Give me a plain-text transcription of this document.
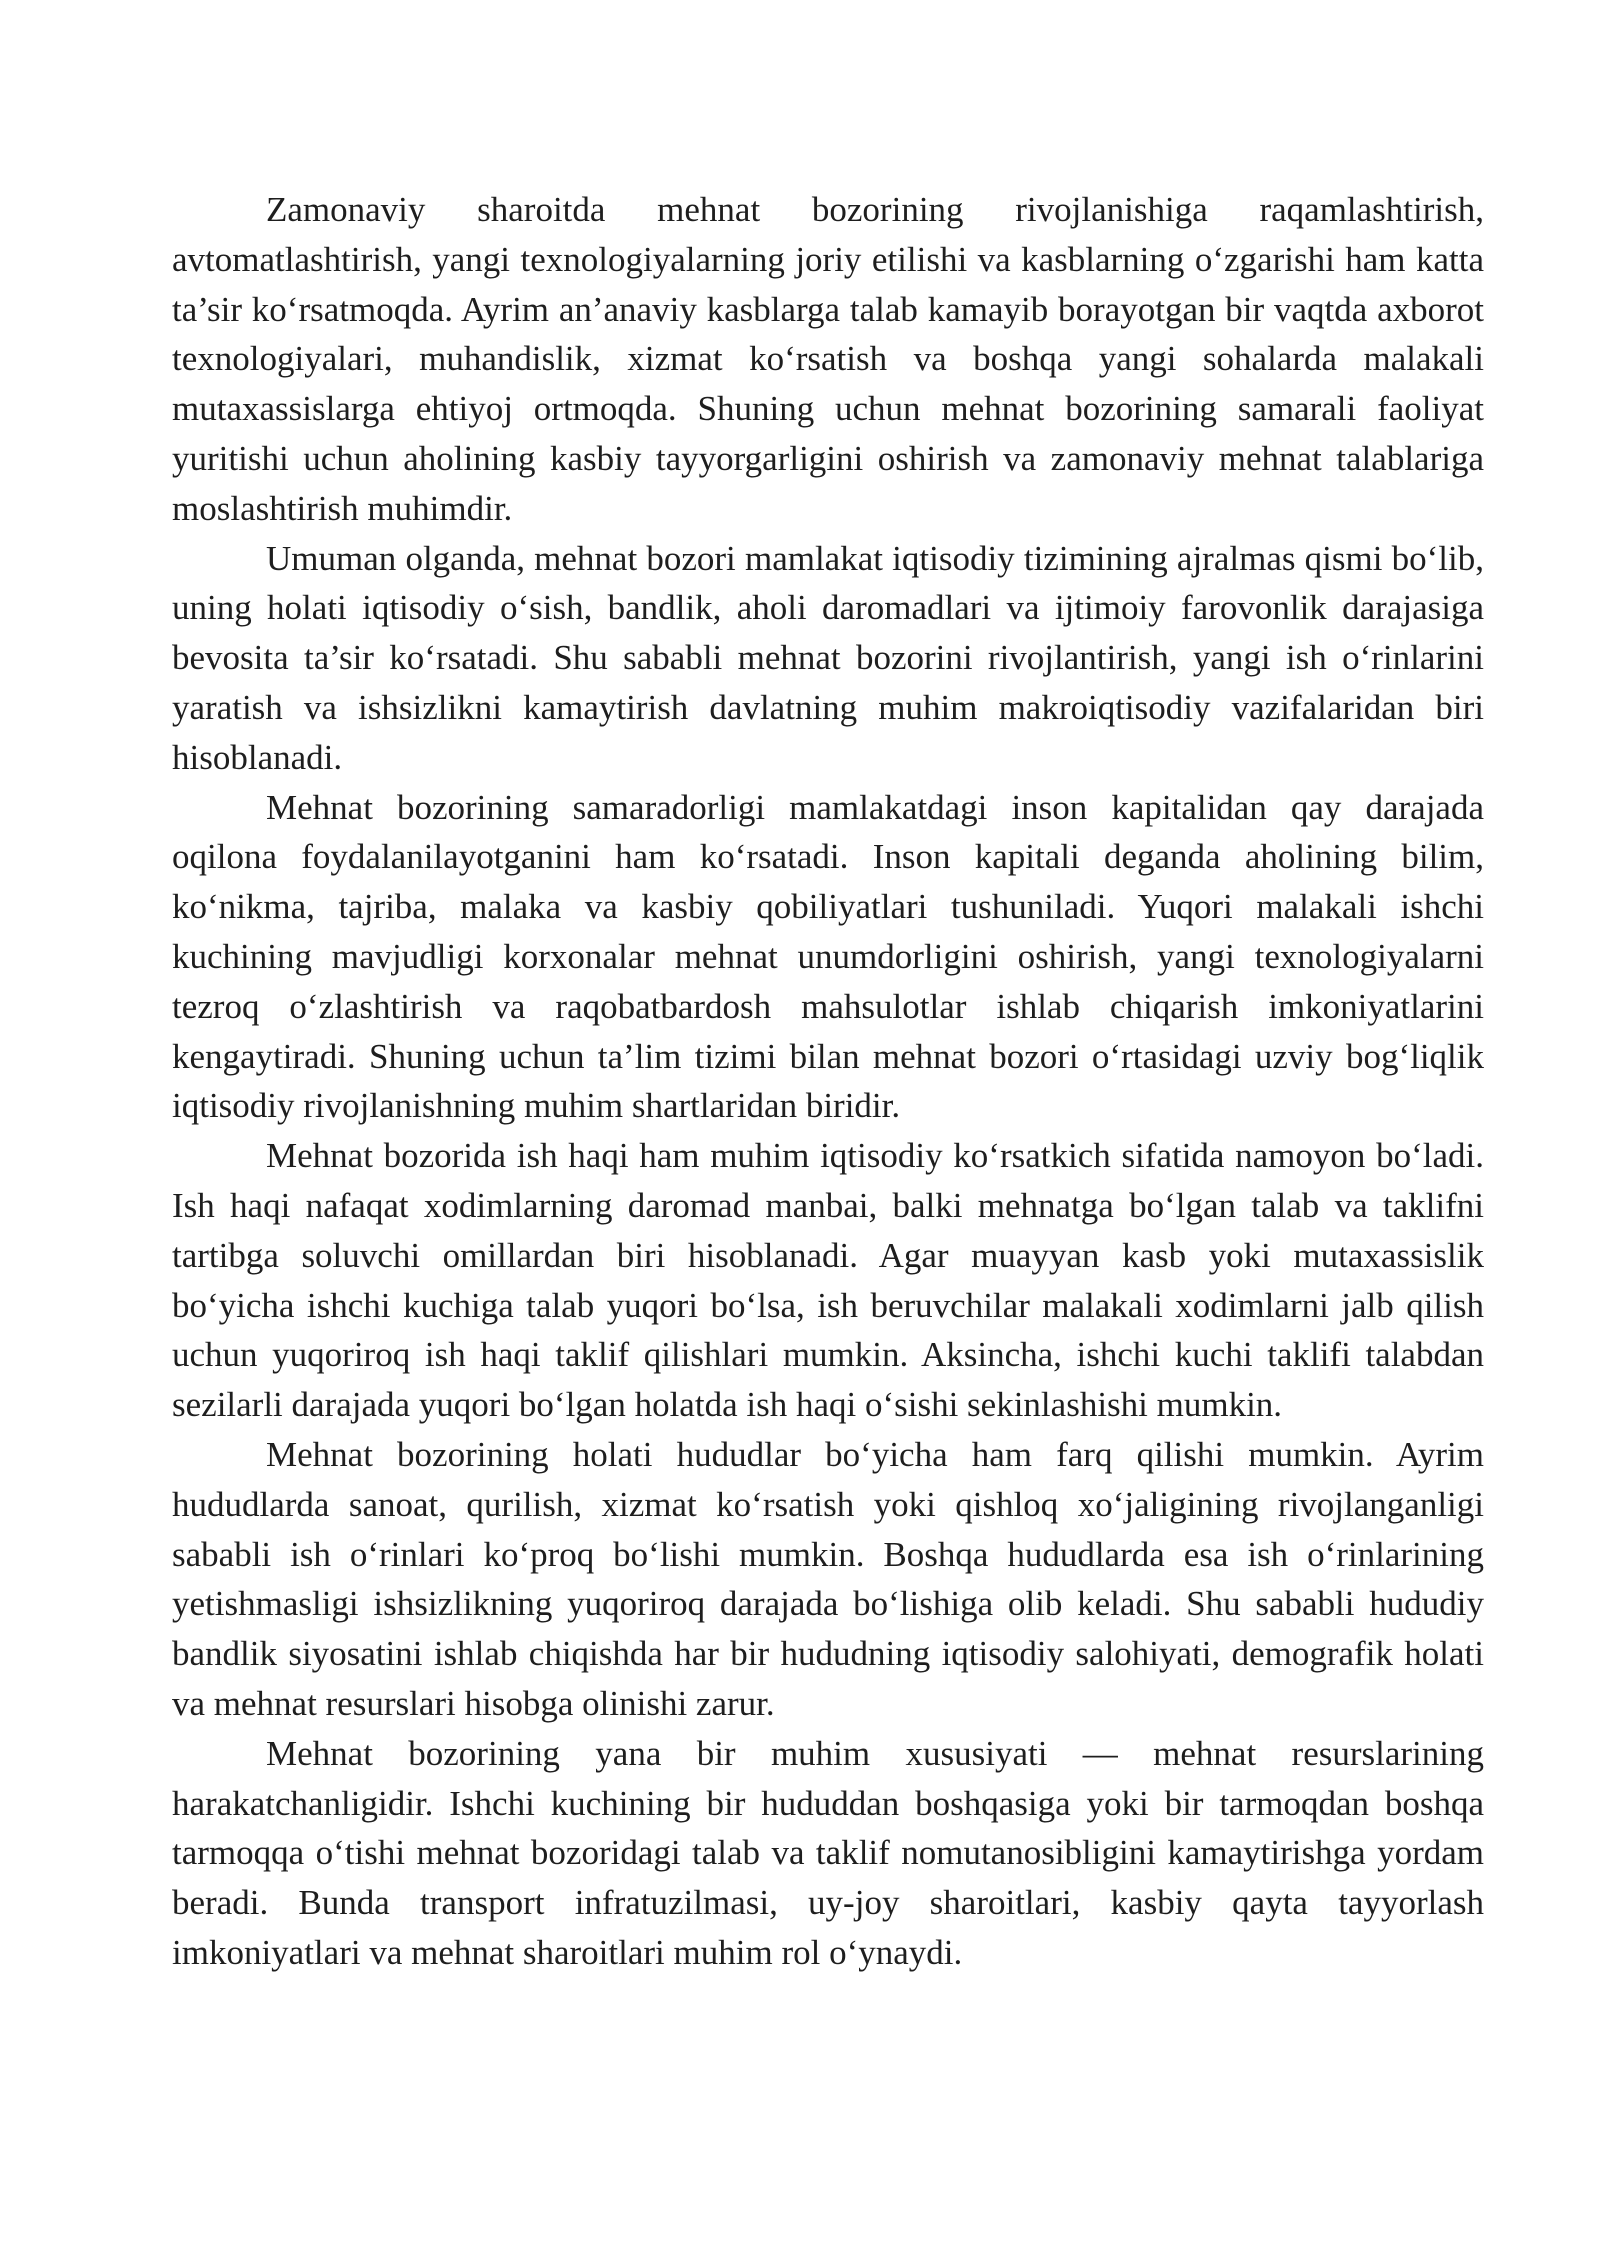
Zamonaviy sharoitda mehnat bozorining rivojlanishiga raqamlashtirish, avtomatlashtirish, yangi texnologiyalarning joriy etilishi va kasblarning o‘zgarishi ham katta ta’sir ko‘rsatmoqda. Ayrim an’anaviy kasblarga talab kamayib borayotgan bir vaqtda axborot texnologiyalari, muhandislik, xizmat ko‘rsatish va boshqa yangi sohalarda malakali mutaxassislarga ehtiyoj ortmoqda. Shuning uchun mehnat bozorining samarali faoliyat yuritishi uchun aholining kasbiy tayyorgarligini oshirish va zamonaviy mehnat talablariga moslashtirish muhimdir.

Umuman olganda, mehnat bozori mamlakat iqtisodiy tizimining ajralmas qismi bo‘lib, uning holati iqtisodiy o‘sish, bandlik, aholi daromadlari va ijtimoiy farovonlik darajasiga bevosita ta’sir ko‘rsatadi. Shu sababli mehnat bozorini rivojlantirish, yangi ish o‘rinlarini yaratish va ishsizlikni kamaytirish davlatning muhim makroiqtisodiy vazifalaridan biri hisoblanadi.

Mehnat bozorining samaradorligi mamlakatdagi inson kapitalidan qay darajada oqilona foydalanilayotganini ham ko‘rsatadi. Inson kapitali deganda aholining bilim, ko‘nikma, tajriba, malaka va kasbiy qobiliyatlari tushuniladi. Yuqori malakali ishchi kuchining mavjudligi korxonalar mehnat unumdorligini oshirish, yangi texnologiyalarni tezroq o‘zlashtirish va raqobatbardosh mahsulotlar ishlab chiqarish imkoniyatlarini kengaytiradi. Shuning uchun ta’lim tizimi bilan mehnat bozori o‘rtasidagi uzviy bog‘liqlik iqtisodiy rivojlanishning muhim shartlaridan biridir.

Mehnat bozorida ish haqi ham muhim iqtisodiy ko‘rsatkich sifatida namoyon bo‘ladi. Ish haqi nafaqat xodimlarning daromad manbai, balki mehnatga bo‘lgan talab va taklifni tartibga soluvchi omillardan biri hisoblanadi. Agar muayyan kasb yoki mutaxassislik bo‘yicha ishchi kuchiga talab yuqori bo‘lsa, ish beruvchilar malakali xodimlarni jalb qilish uchun yuqoriroq ish haqi taklif qilishlari mumkin. Aksincha, ishchi kuchi taklifi talabdan sezilarli darajada yuqori bo‘lgan holatda ish haqi o‘sishi sekinlashishi mumkin.

Mehnat bozorining holati hududlar bo‘yicha ham farq qilishi mumkin. Ayrim hududlarda sanoat, qurilish, xizmat ko‘rsatish yoki qishloq xo‘jaligining rivojlanganligi sababli ish o‘rinlari ko‘proq bo‘lishi mumkin. Boshqa hududlarda esa ish o‘rinlarining yetishmasligi ishsizlikning yuqoriroq darajada bo‘lishiga olib keladi. Shu sababli hududiy bandlik siyosatini ishlab chiqishda har bir hududning iqtisodiy salohiyati, demografik holati va mehnat resurslari hisobga olinishi zarur.

Mehnat bozorining yana bir muhim xususiyati — mehnat resurslarining harakatchanligidir. Ishchi kuchining bir hududdan boshqasiga yoki bir tarmoqdan boshqa tarmoqqa o‘tishi mehnat bozoridagi talab va taklif nomutanosibligini kamaytirishga yordam beradi. Bunda transport infratuzilmasi, uy-joy sharoitlari, kasbiy qayta tayyorlash imkoniyatlari va mehnat sharoitlari muhim rol o‘ynaydi.
